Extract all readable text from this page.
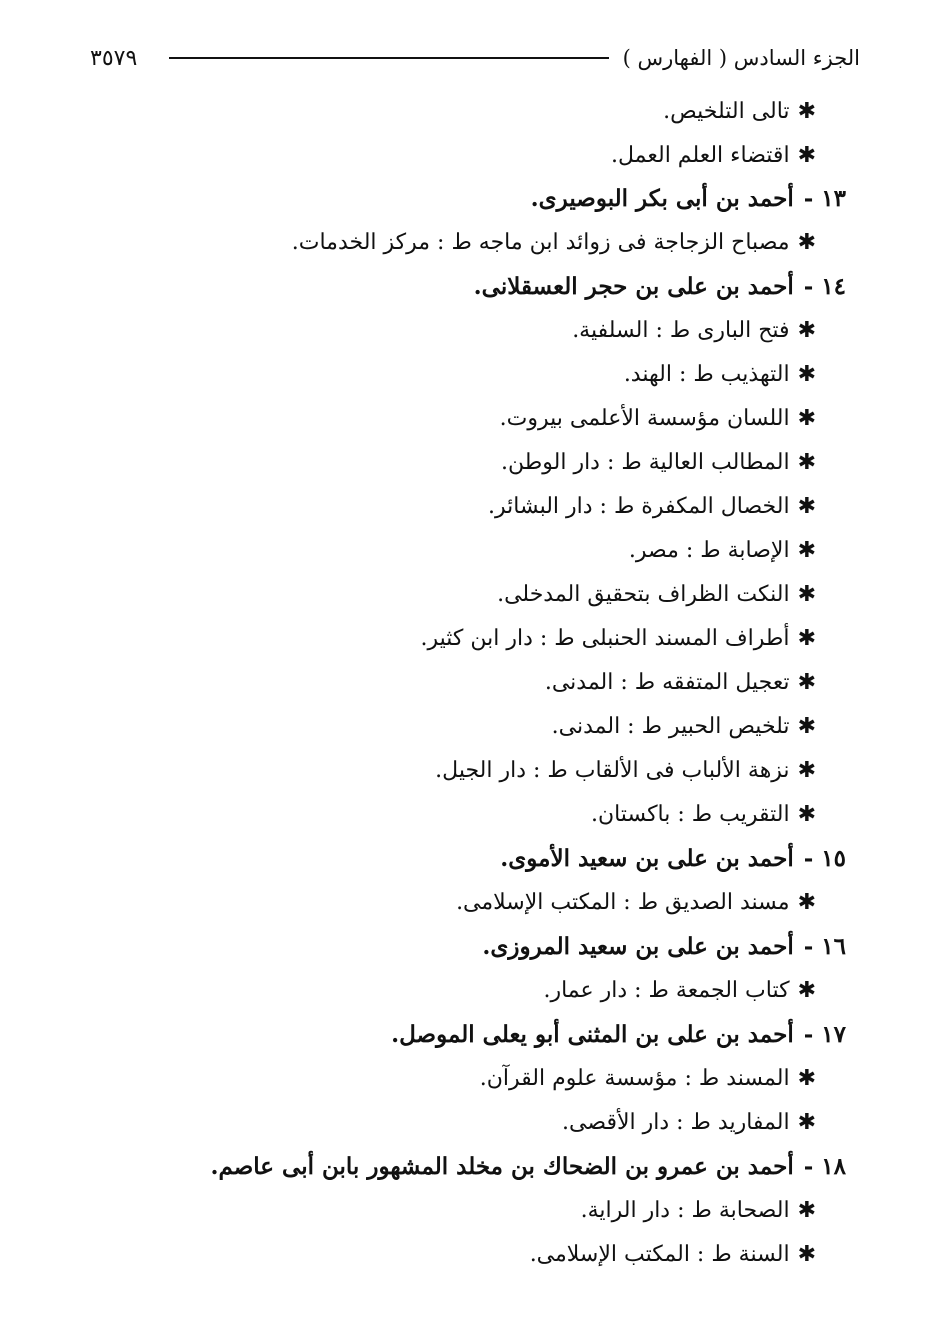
٣٥٧٩	الجزء السادس ( الفهارس )
✱تالى التلخيص.
✱اقتضاء العلم العمل.
١٣ -أحمد بن أبى بكر البوصيرى.
✱مصباح الزجاجة فى زوائد ابن ماجه ط : مركز الخدمات.
١٤ -أحمد بن على بن حجر العسقلانى.
✱فتح البارى ط : السلفية.
✱التهذيب ط : الهند.
✱اللسان مؤسسة الأعلمى بيروت.
✱المطالب العالية ط : دار الوطن.
✱الخصال المكفرة ط : دار البشائر.
✱الإصابة ط : مصر.
✱النكت الظراف بتحقيق المدخلى.
✱أطراف المسند الحنبلى ط : دار ابن كثير.
✱تعجيل المتفقه ط : المدنى.
✱تلخيص الحبير ط : المدنى.
✱نزهة الألباب فى الألقاب ط : دار الجيل.
✱التقريب ط : باكستان.
١٥ -أحمد بن على بن سعيد الأموى.
✱مسند الصديق ط : المكتب الإسلامى.
١٦ -أحمد بن على بن سعيد المروزى.
✱كتاب الجمعة ط : دار عمار.
١٧ -أحمد بن على بن المثنى أبو يعلى الموصل.
✱المسند ط : مؤسسة علوم القرآن.
✱المفاريد ط : دار الأقصى.
١٨ -أحمد بن عمرو بن الضحاك بن مخلد المشهور بابن أبى عاصم.
✱الصحابة ط : دار الراية.
✱السنة ط : المكتب الإسلامى.
